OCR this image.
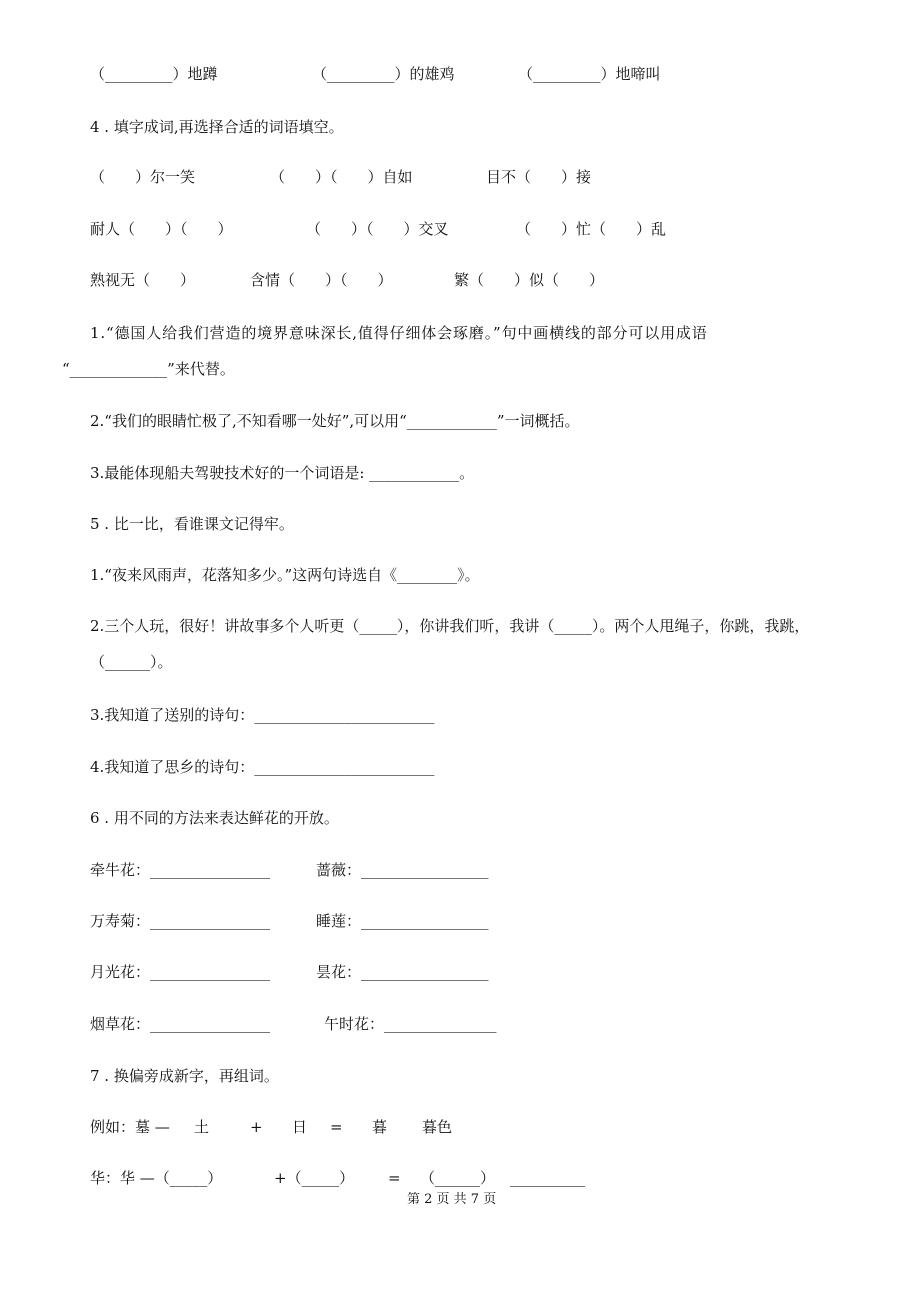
（_________）地蹲	（_________）的雄鸡	（_________）地啼叫
4 . 填字成词,再选择合适的词语填空。
（　　）尔一笑	（　　）（　　）自如	目不（　　）接
耐人（　　）（　　）	（　　）（　　）交叉	（　　）忙（　　）乱
熟视无（　　）	含情（　　）（　　）	繁（　　）似（　　）
1.“德国人给我们营造的境界意味深长,值得仔细体会琢磨。”句中画横线的部分可以用成语
“_____________”来代替。
2.“我们的眼睛忙极了,不知看哪一处好”,可以用“____________”一词概括。
3.最能体现船夫驾驶技术好的一个词语是: ____________。
5 . 比一比，看谁课文记得牢。
1.“夜来风雨声，花落知多少。”这两句诗选自《________》。
2.三个人玩，很好！讲故事多个人听更（_____），你讲我们听，我讲（_____）。两个人甩绳子，你跳，我跳，
（______）。
3.我知道了送别的诗句：________________________
4.我知道了思乡的诗句：________________________
6 . 用不同的方法来表达鲜花的开放。
牵牛花：________________	蔷薇：_________________
万寿菊：________________	睡莲：_________________
月光花：________________	昙花：_________________
烟草花：________________	午时花：_______________
7 . 换偏旁成新字，再组词。
例如：墓 — 土	+ 日 = 暮 暮色
华：华 —（_____）	+（_____） = （______） __________
第 2 页 共 7 页
